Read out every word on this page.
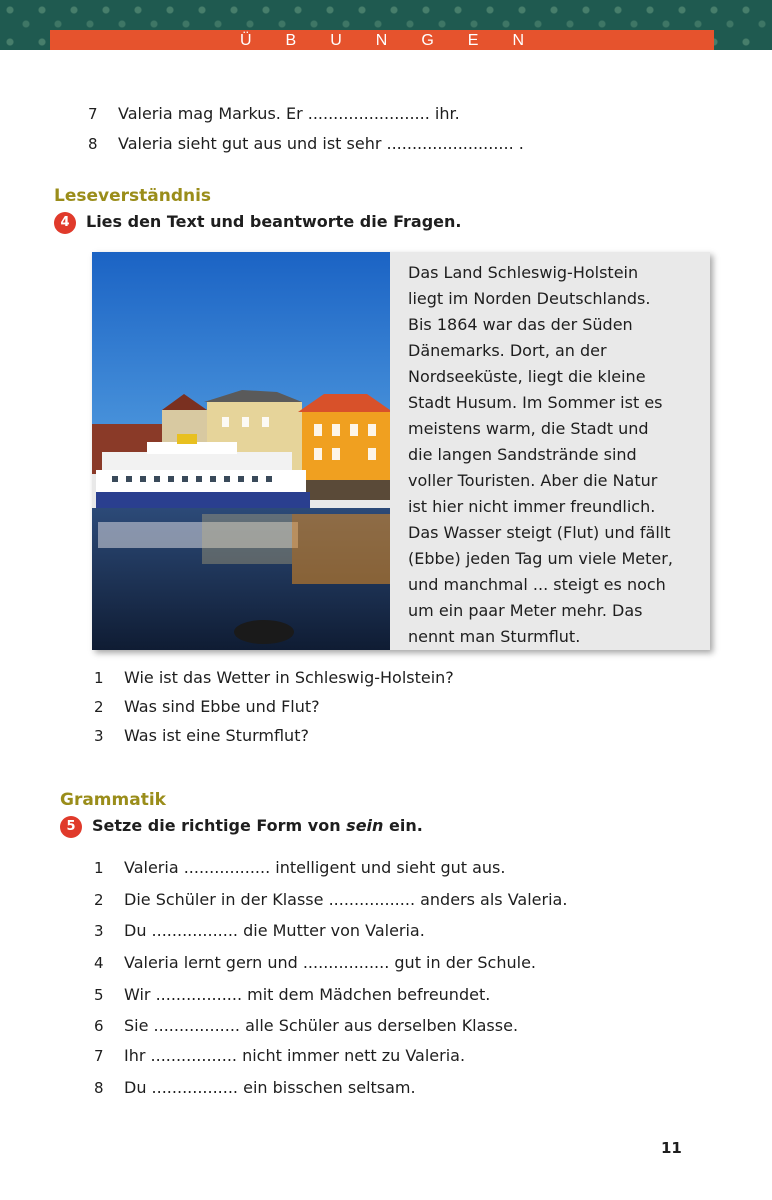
ÜBUNGEN
7 Valeria mag Markus. Er ........................ ihr.
8 Valeria sieht gut aus und ist sehr ......................... .
Leseverständnis
4 Lies den Text und beantworte die Fragen.
Das Land Schleswig-Holstein
liegt im Norden Deutschlands.
Bis 1864 war das der Süden
Dänemarks. Dort, an der
Nordseeküste, liegt die kleine
Stadt Husum. Im Sommer ist es
meistens warm, die Stadt und
die langen Sandstrände sind
voller Touristen. Aber die Natur
ist hier nicht immer freundlich.
Das Wasser steigt (Flut) und fällt
(Ebbe) jeden Tag um viele Meter,
und manchmal ... steigt es noch
um ein paar Meter mehr. Das
nennt man Sturmflut.
1 Wie ist das Wetter in Schleswig-Holstein?
2 Was sind Ebbe und Flut?
3 Was ist eine Sturmflut?
Grammatik
5 Setze die richtige Form von sein ein.
1 Valeria ................. intelligent und sieht gut aus.
2 Die Schüler in der Klasse ................. anders als Valeria.
3 Du ................. die Mutter von Valeria.
4 Valeria lernt gern und ................. gut in der Schule.
5 Wir ................. mit dem Mädchen befreundet.
6 Sie ................. alle Schüler aus derselben Klasse.
7 Ihr ................. nicht immer nett zu Valeria.
8 Du ................. ein bisschen seltsam.
11
